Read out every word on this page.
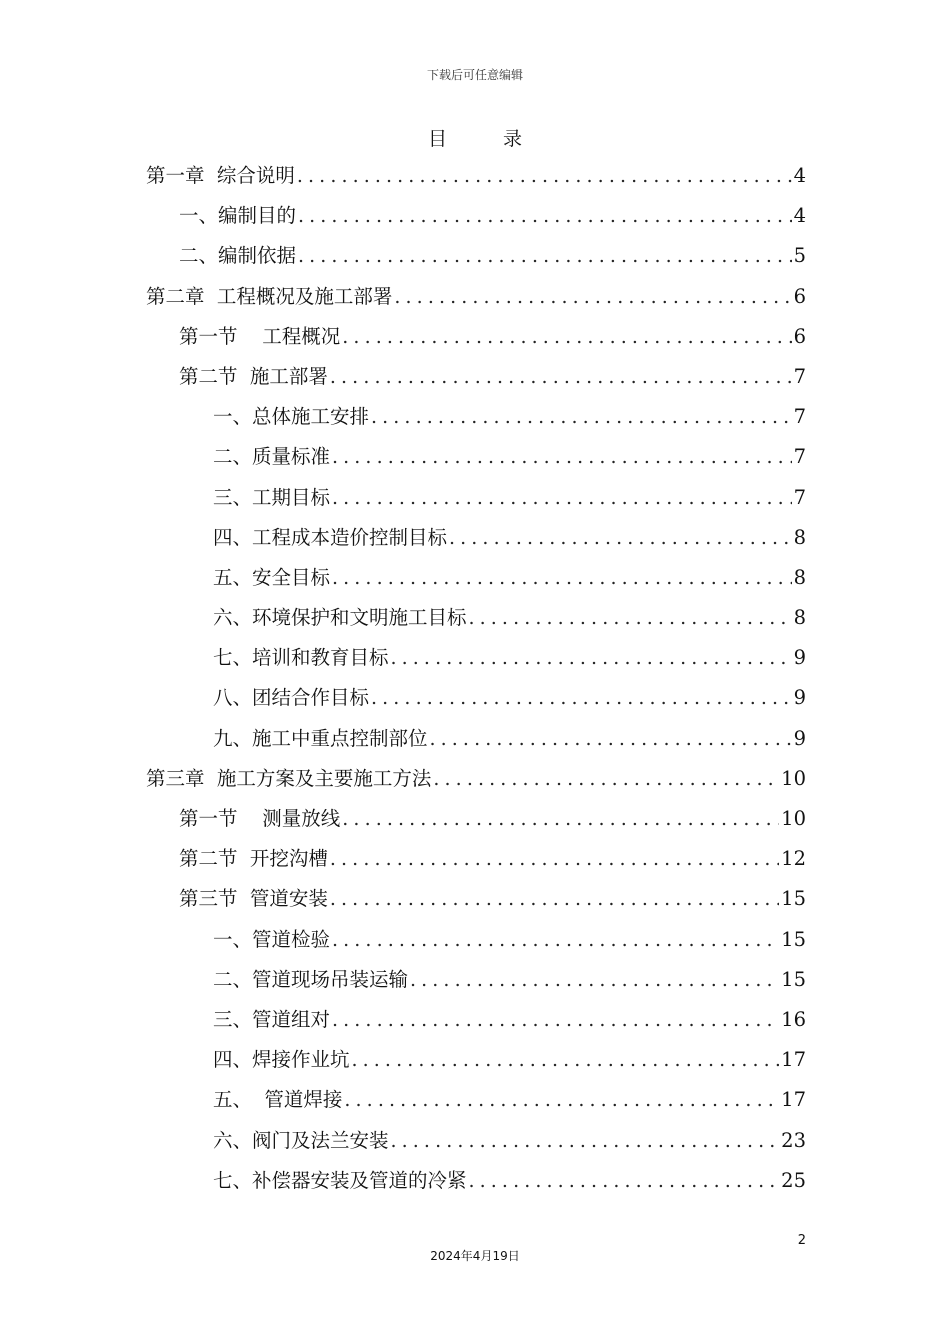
下载后可任意编辑
目录
第一章  综合说明 .....	4
一、编制目的 .....	4
二、编制依据 .....	5
第二章  工程概况及施工部署 .....	6
第一节    工程概况 .....	6
第二节  施工部署 .....	7
一、总体施工安排 .....	7
二、质量标准 .....	7
三、工期目标 .....	7
四、工程成本造价控制目标 .....	8
五、安全目标 .....	8
六、环境保护和文明施工目标 .....	8
七、培训和教育目标 .....	9
八、团结合作目标 .....	9
九、施工中重点控制部位 .....	9
第三章  施工方案及主要施工方法 .....	10
第一节    测量放线 .....	10
第二节  开挖沟槽 .....	12
第三节  管道安装 .....	15
一、管道检验 .....	15
二、管道现场吊装运输 .....	15
三、管道组对 .....	16
四、焊接作业坑 .....	17
五、  管道焊接 .....	17
六、阀门及法兰安装 .....	23
七、补偿器安装及管道的冷紧 .....	25
2
2024年4月19日
